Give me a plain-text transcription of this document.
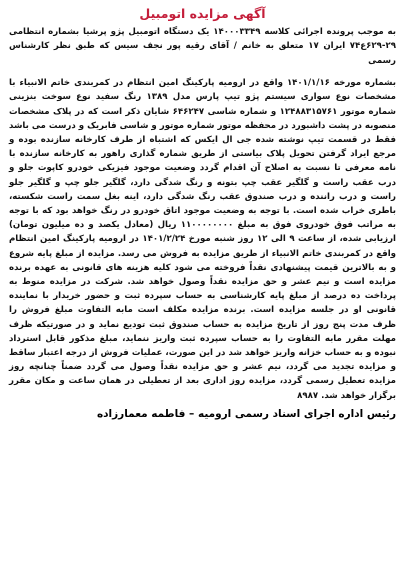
آگهی مزایده اتومبیل

به موجب پرونده اجرائی کلاسه ۱۴۰۰۰۳۳۴۹ یک دستگاه اتومبیل پژو پرشیا بشماره انتظامی ۲۹-۶۲۹ع۷۴ ایران ۱۷ متعلق به خانم / آقای رقیه پور نجف سیس که طبق نظر کارشناس رسمی

بشماره مورخه ۱۴۰۱/۱/۱۶ واقع در ارومیه پارکینگ امین انتظام در کمربندی خاتم الانبیاء با مشخصات نوع سواری سیستم پژو تیپ پارس مدل ۱۳۸۹ رنگ سفید نوع سوخت بنزینی شماره موتور ۱۲۴۸۸۳۱۵۷۶۱ و شماره شاسی ۶۴۶۲۴۷ شایان ذکر است که در پلاک مشخصات منصوبه در پشت داشبورد در محفظه موتور شماره موتور و شاسی فابریک و درست می باشد فقط در قسمت تیپ نوشته شده جی ال ایکس که اشتباه از طرف کارخانه سازنده بوده و مرجع ایراد گرفتن تحویل پلاک بیاستی از طریق شماره گذاری راهور به کارخانه سازنده با نامه معرفی تا نسبت به اصلاح آن اقدام گردد وضعیت موجود فیزیکی خودرو کاپوت جلو و درب عقب راست و گلگیر عقب چپ بتونه و رنگ شدگی دارد، گلگیر جلو چپ و گلگیر جلو راست و درب راننده و درب صندوق عقب رنگ شدگی دارد، اینه بغل سمت راست شکسته، باطری خراب شده است. با توجه به وضعیت موجود اتاق خودرو در رنگ خواهد بود که با توجه به مراتب فوق خودروی فوق به مبلغ ۱۱۰۰۰۰۰۰۰۰ ریال (معادل یکصد و ده میلیون تومان) ارزیابی شده، از ساعت ۹ الی ۱۲ روز شنبه مورخ ۱۴۰۱/۲/۲۴ در ارومیه پارکینگ امین انتظام واقع در کمربندی خاتم الانبیاء از طریق مزایده به فروش می رسد. مزایده از مبلغ پایه شروع و به بالاترین قیمت پیشنهادی نقداً فروخته می شود کلیه هزینه های قانونی به عهده برنده مزایده است و نیم عشر و حق مزایده نقداً وصول خواهد شد. شرکت در مزایده منوط به پرداخت ده درصد از مبلغ پایه کارشناسی به حساب سپرده ثبت و حضور خریدار با نماینده قانونی او در جلسه مزایده است. برنده مزایده مکلف است مابه التفاوت مبلغ فروش را ظرف مدت پنج روز از تاریخ مزایده به حساب صندوق ثبت تودیع نماید و در صورتیکه ظرف مهلت مقرر مابه التفاوت را به حساب سپرده ثبت واریز ننماید، مبلغ مذکور قابل استرداد نبوده و به حساب خزانه واریز خواهد شد در این صورت، عملیات فروش از درجه اعتبار ساقط و مزایده تجدید می گردد، نیم عشر و حق مزایده نقداً وصول می گردد ضمناً چنانچه روز مزایده تعطیل رسمی گردد، مزایده روز اداری بعد از تعطیلی در همان ساعت و مکان مقرر برگزار خواهد شد. ۸۹۸۷

رئیس اداره اجرای اسناد رسمی ارومیه – فاطمه معمارزاده
